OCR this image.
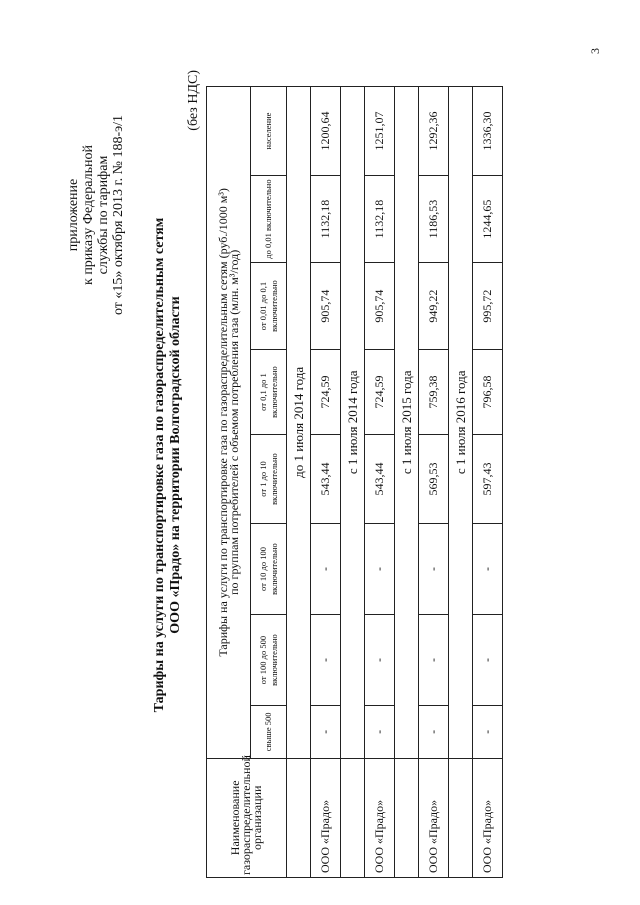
3
приложение к приказу Федеральной службы по тарифам от «15» октября 2013 г. № 188-э/1
Тарифы на услуги по транспортировке газа по газораспределительным сетям ООО «Прадо» на территории Волгоградской области
(без НДС)
Наименование газораспределительной организации	Тарифы на услуги по транспортировке газа по газораспределительным сетям (руб./1000 м³)
по группам потребителей с объемом потребления газа (млн. м³/год)							

	свыше 500	от 100 до 500 включительно	от 10 до 100 включительно	от 1 до 10 включительно	от 0,1 до 1 включительно	от 0,01 до 0,1 включительно	до 0,01 включительно	население
	до 1 июля 2014 года							
ООО «Прадо»	-	-	-	543,44	724,59	905,74	1132,18	1200,64
	с 1 июля 2014 года							
ООО «Прадо»	-	-	-	543,44	724,59	905,74	1132,18	1251,07
	с 1 июля 2015 года							
ООО «Прадо»	-	-	-	569,53	759,38	949,22	1186,53	1292,36
	с 1 июля 2016 года							
ООО «Прадо»	-	-	-	597,43	796,58	995,72	1244,65	1336,30
